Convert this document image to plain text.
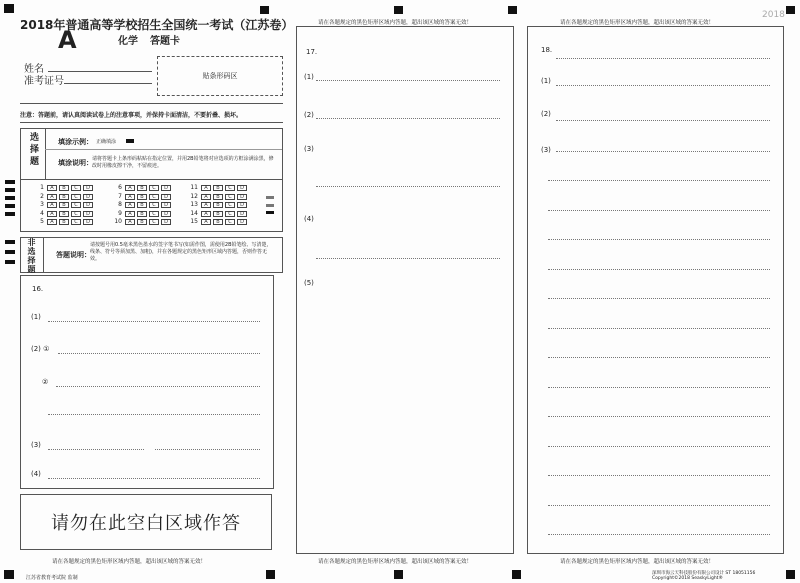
2018年普通高等学校招生全国统一考试（江苏卷）
A	化学 答题卡
姓名
准考证号	贴条形码区
注意：答题前，请认真阅读试卷上的注意事项，并保持卡面清洁，不要折叠、损坏。
选择题	填涂示例： 正确填涂
填涂说明： 请将答题卡上条形码粘贴在指定位置，并用2B铅笔将对应选项的方框涂满涂黑，修改时用橡皮擦干净，不留痕迹。
1	A	B	C	D
2	A	B	C	D
3	A	B	C	D
4	A	B	C	D
5	A	B	C	D
6	A	B	C	D
7	A	B	C	D
8	A	B	C	D
9	A	B	C	D
10	A	B	C	D
11	A	B	C	D
12	A	B	C	D
13	A	B	C	D
14	A	B	C	D
15	A	B	C	D
非选择题	答题说明：
请按题号用0.5毫米黑色墨水的签字笔书写(如需作图，需使用2B铅笔绘、写清楚，线条、符号等须加黑、加粗)，并在各题规定的黑色矩形区域内答题，否则作答无效。
16.
(1)
(2) ①
②
(3)
(4)
请勿在此空白区域作答
请在各题规定的黑色矩形区域内答题，超出该区域的答案无效！
江苏省教育考试院 监制
请在各题规定的黑色矩形区域内答题，超出该区域的答案无效！
17.
(1)
(2)
(3)
(4)
(5)
请在各题规定的黑色矩形区域内答题，超出该区域的答案无效！
2018
请在各题规定的黑色矩形区域内答题，超出该区域的答案无效！
18.
(1)
(2)
(3)
请在各题规定的黑色矩形区域内答题，超出该区域的答案无效！
深圳市海云天科技股份有限公司设计 ST 18051156
Copyright©2018 SeaskyLight®
